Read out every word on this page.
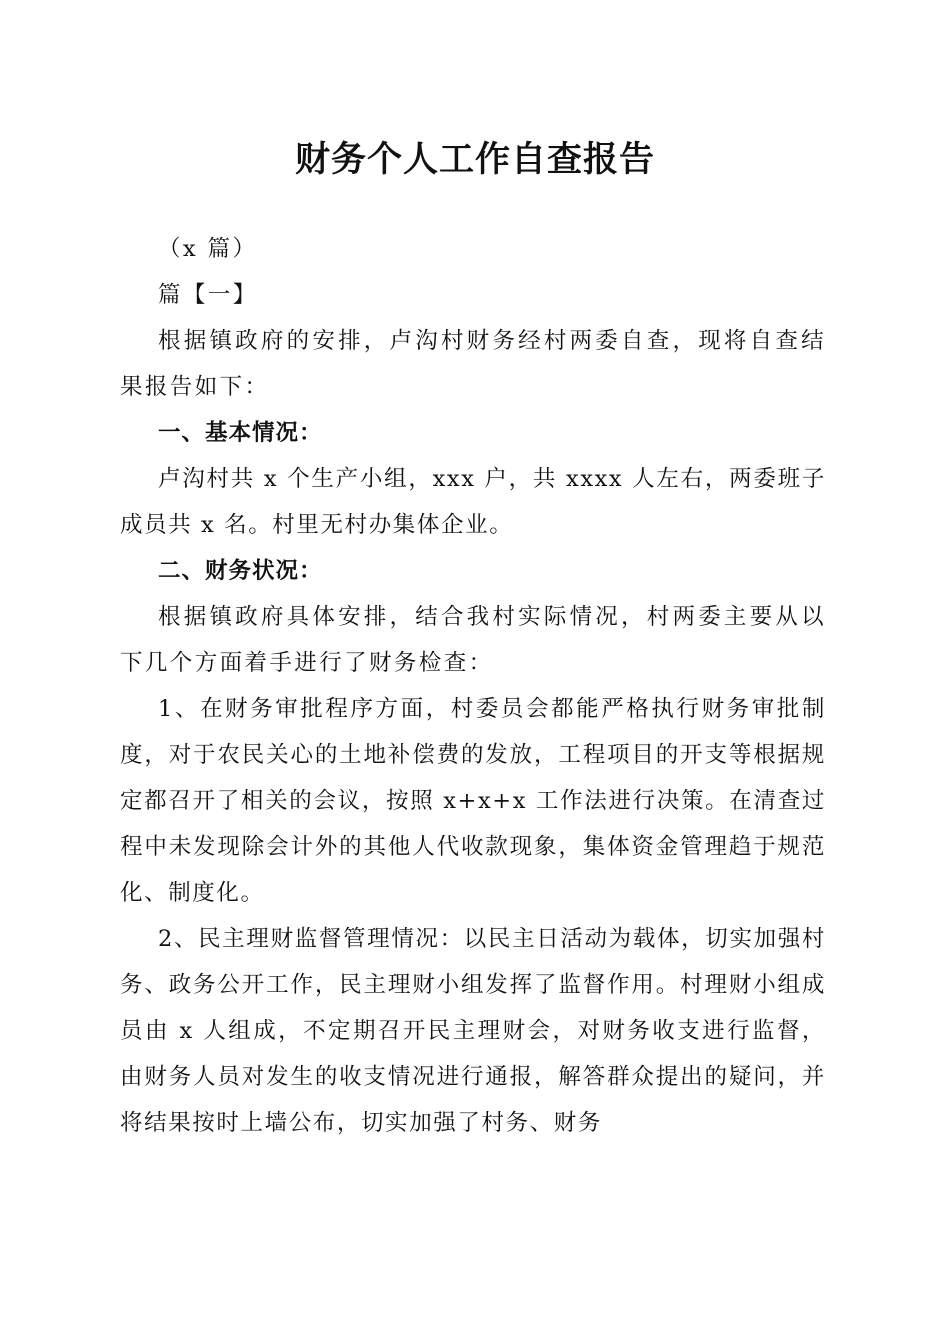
财务个人工作自查报告

（x 篇）

篇【一】

根据镇政府的安排，卢沟村财务经村两委自查，现将自查结果报告如下：

一、基本情况：

卢沟村共 x 个生产小组，xxx 户，共 xxxx 人左右，两委班子成员共 x 名。村里无村办集体企业。

二、财务状况：

根据镇政府具体安排，结合我村实际情况，村两委主要从以下几个方面着手进行了财务检查：

1、在财务审批程序方面，村委员会都能严格执行财务审批制度，对于农民关心的土地补偿费的发放，工程项目的开支等根据规定都召开了相关的会议，按照 x+x+x 工作法进行决策。在清查过程中未发现除会计外的其他人代收款现象，集体资金管理趋于规范化、制度化。

2、民主理财监督管理情况：以民主日活动为载体，切实加强村务、政务公开工作，民主理财小组发挥了监督作用。村理财小组成员由 x 人组成，不定期召开民主理财会，对财务收支进行监督，由财务人员对发生的收支情况进行通报，解答群众提出的疑问，并将结果按时上墙公布，切实加强了村务、财务
